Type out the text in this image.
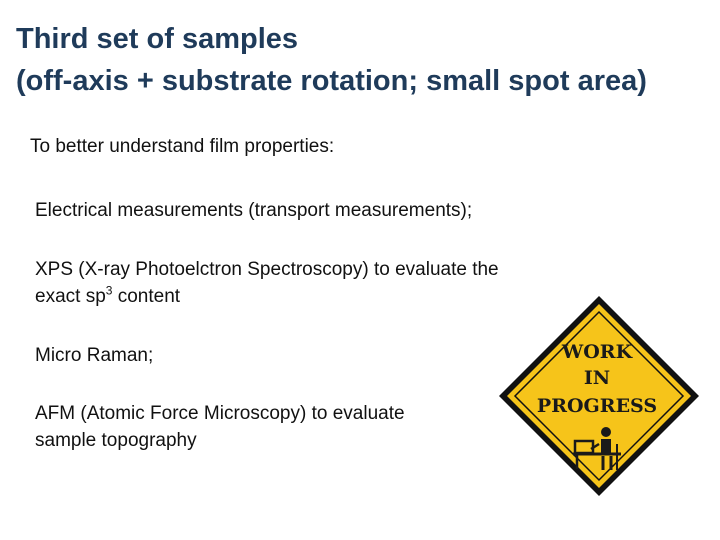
Third set of samples
(off-axis + substrate rotation; small spot area)
To better understand film properties:
Electrical measurements (transport measurements);
XPS (X-ray Photoelctron Spectroscopy) to evaluate the
exact $sp^3$ content
Micro Raman;
AFM (Atomic Force Microscopy) to evaluate
sample topography
WORK
IN
PROGRESS
